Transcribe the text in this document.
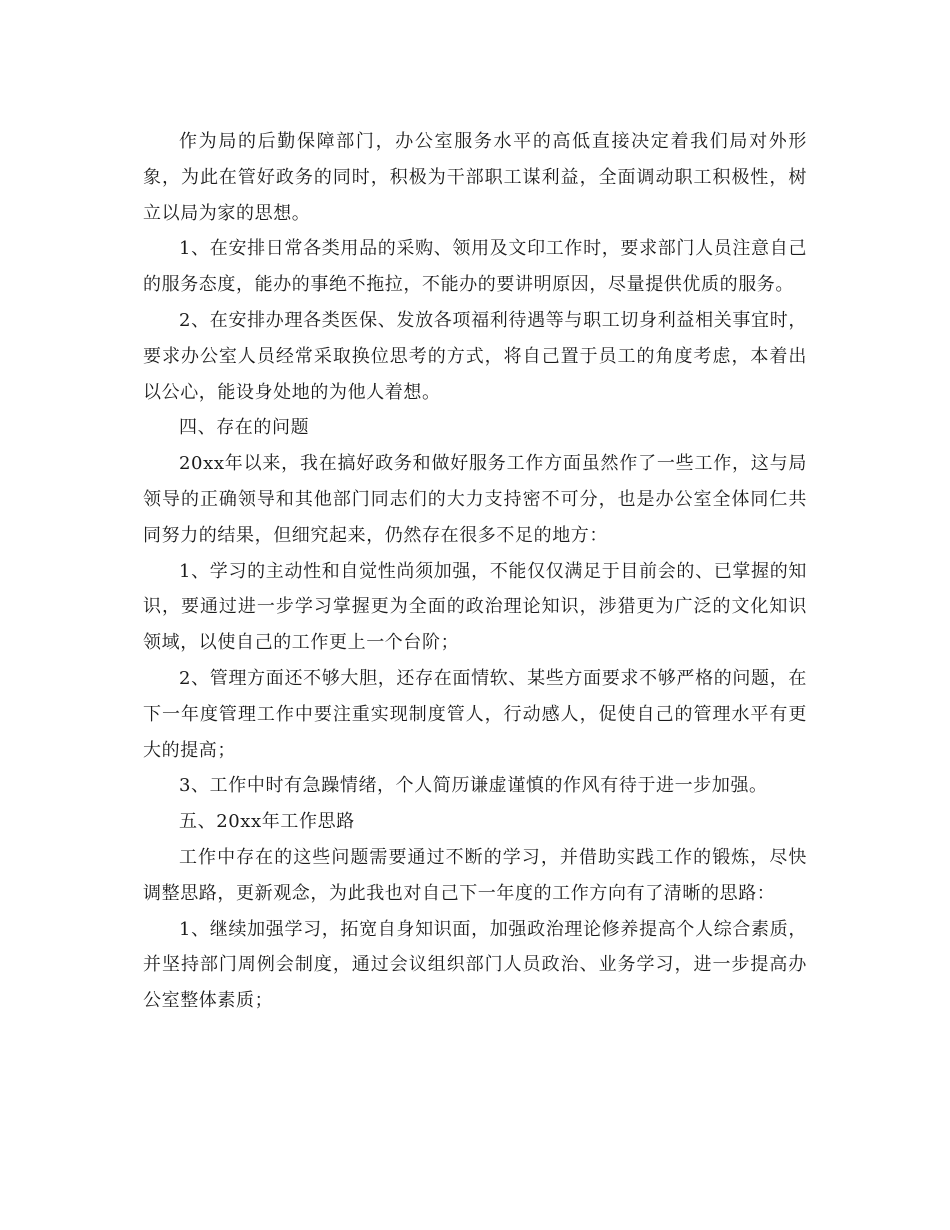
作为局的后勤保障部门，办公室服务水平的高低直接决定着我们局对外形象，为此在管好政务的同时，积极为干部职工谋利益，全面调动职工积极性，树立以局为家的思想。

1、在安排日常各类用品的采购、领用及文印工作时，要求部门人员注意自己的服务态度，能办的事绝不拖拉，不能办的要讲明原因，尽量提供优质的服务。

2、在安排办理各类医保、发放各项福利待遇等与职工切身利益相关事宜时，要求办公室人员经常采取换位思考的方式，将自己置于员工的角度考虑，本着出以公心，能设身处地的为他人着想。

四、存在的问题

20xx年以来，我在搞好政务和做好服务工作方面虽然作了一些工作，这与局领导的正确领导和其他部门同志们的大力支持密不可分，也是办公室全体同仁共同努力的结果，但细究起来，仍然存在很多不足的地方：

1、学习的主动性和自觉性尚须加强，不能仅仅满足于目前会的、已掌握的知识，要通过进一步学习掌握更为全面的政治理论知识，涉猎更为广泛的文化知识领域，以使自己的工作更上一个台阶；

2、管理方面还不够大胆，还存在面情软、某些方面要求不够严格的问题，在下一年度管理工作中要注重实现制度管人，行动感人，促使自己的管理水平有更大的提高；

3、工作中时有急躁情绪，个人简历谦虚谨慎的作风有待于进一步加强。

五、20xx年工作思路

工作中存在的这些问题需要通过不断的学习，并借助实践工作的锻炼，尽快调整思路，更新观念，为此我也对自己下一年度的工作方向有了清晰的思路：

1、继续加强学习，拓宽自身知识面，加强政治理论修养提高个人综合素质，并坚持部门周例会制度，通过会议组织部门人员政治、业务学习，进一步提高办公室整体素质；
